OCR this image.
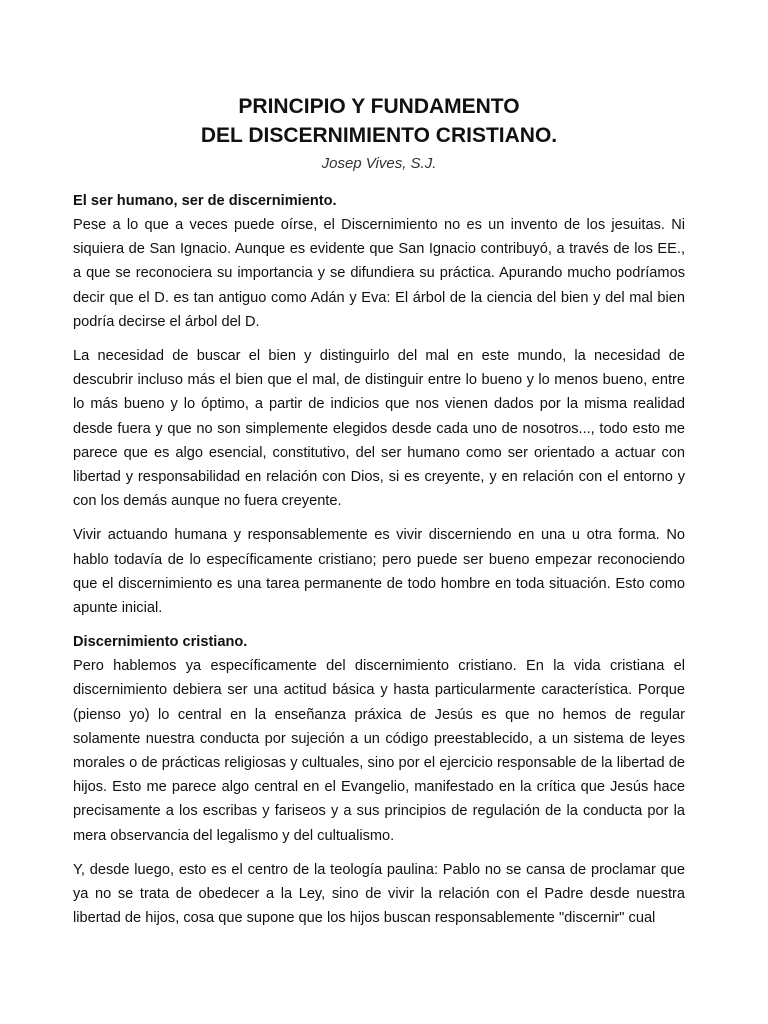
PRINCIPIO Y FUNDAMENTO
DEL DISCERNIMIENTO CRISTIANO.

Josep Vives, S.J.

El ser humano, ser de discernimiento.

Pese a lo que a veces puede oírse, el Discernimiento no es un invento de los jesuitas. Ni siquiera de San Ignacio. Aunque es evidente que San Ignacio contribuyó, a través de los EE., a que se reconociera su importancia y se difundiera su práctica. Apurando mucho podríamos decir que el D. es tan antiguo como Adán y Eva: El árbol de la ciencia del bien y del mal bien podría decirse el árbol del D.

La necesidad de buscar el bien y distinguirlo del mal en este mundo, la necesidad de descubrir incluso más el bien que el mal, de distinguir entre lo bueno y lo menos bueno, entre lo más bueno y lo óptimo, a partir de indicios que nos vienen dados por la misma realidad desde fuera y que no son simplemente elegidos desde cada uno de nosotros..., todo esto me parece que es algo esencial, constitutivo, del ser humano como ser orientado a actuar con libertad y responsabilidad en relación con Dios, si es creyente, y en relación con el entorno y con los demás aunque no fuera creyente.

Vivir actuando humana y responsablemente es vivir discerniendo en una u otra forma. No hablo todavía de lo específicamente cristiano; pero puede ser bueno empezar reconociendo que el discernimiento es una tarea permanente de todo hombre en toda situación. Esto como apunte inicial.

Discernimiento cristiano.

Pero hablemos ya específicamente del discernimiento cristiano. En la vida cristiana el discernimiento debiera ser una actitud básica y hasta particularmente característica. Porque (pienso yo) lo central en la enseñanza práxica de Jesús es que no hemos de regular solamente nuestra conducta por sujeción a un código preestablecido, a un sistema de leyes morales o de prácticas religiosas y cultuales, sino por el ejercicio responsable de la libertad de hijos. Esto me parece algo central en el Evangelio, manifestado en la crítica que Jesús hace precisamente a los escribas y fariseos y a sus principios de regulación de la conducta por la mera observancia del legalismo y del cultualismo.

Y, desde luego, esto es el centro de la teología paulina: Pablo no se cansa de proclamar que ya no se trata de obedecer a la Ley, sino de vivir la relación con el Padre desde nuestra libertad de hijos, cosa que supone que los hijos buscan responsablemente "discernir" cual
